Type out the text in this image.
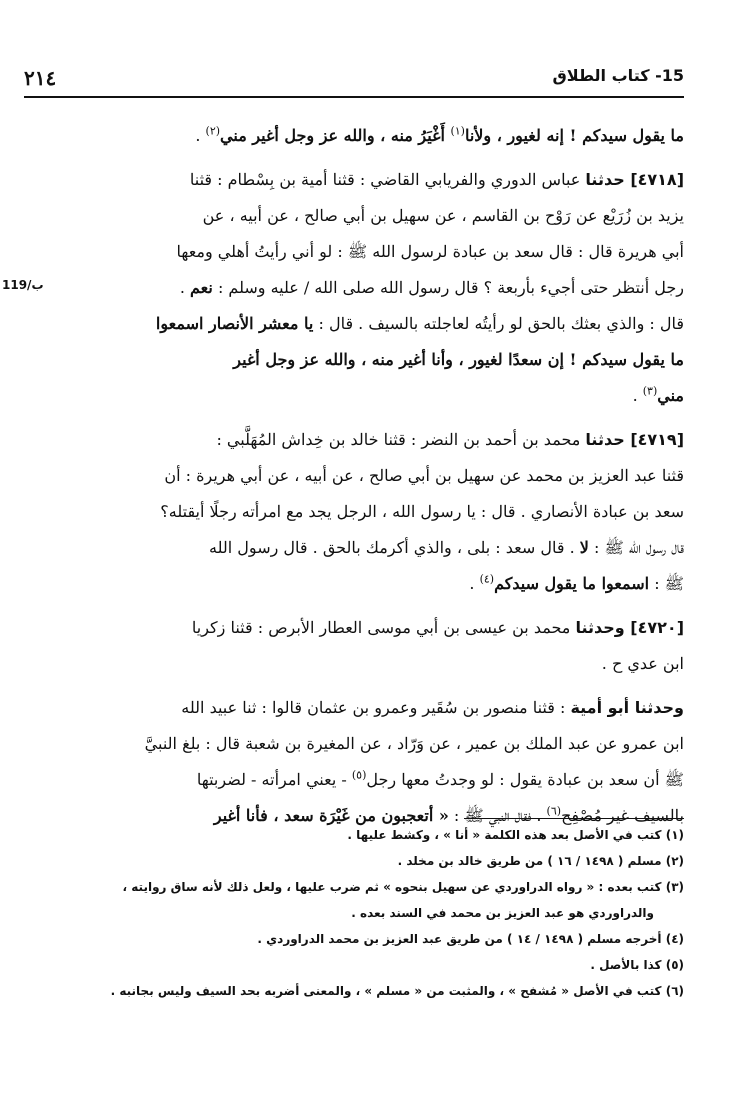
٢١٤	15- كتاب الطلاق
119/ب
ما يقول سيدكم ! إنه لغيور ، ولأنا$^{(١)}$ أَغْيَرُ منه ، والله عز وجل أغير مني$^{(٢)}$ .
[٤٧١٨] حدثنا عباس الدوري والفريابي القاضي : قثنا أمية بن بِسْطام : قثنا
يزيد بن زُرَيْع عن رَوْح بن القاسم ، عن سهيل بن أبي صالح ، عن أبيه ، عن
أبي هريرة قال : قال سعد بن عبادة لرسول الله ﷺ : لو أني رأيتُ أهلي ومعها
رجل أنتظر حتى أجيء بأربعة ؟ قال رسول الله صلى الله / عليه وسلم : نعم .
قال : والذي بعثك بالحق لو رأيتُه لعاجلته بالسيف . قال : يا معشر الأنصار اسمعوا
ما يقول سيدكم ! إن سعدًا لغيور ، وأنا أغير منه ، والله عز وجل أغير
مني$^{(٣)}$ .
[٤٧١٩] حدثنا محمد بن أحمد بن النضر : قثنا خالد بن خِداش المُهَلَّبي :
قثنا عبد العزيز بن محمد عن سهيل بن أبي صالح ، عن أبيه ، عن أبي هريرة : أن
سعد بن عبادة الأنصاري . قال : يا رسول الله ، الرجل يجد مع امرأته رجلًا أيقتله؟
قال رسول الله ﷺ : لا . قال سعد : بلى ، والذي أكرمك بالحق . قال رسول الله
ﷺ : اسمعوا ما يقول سيدكم$^{(٤)}$ .
[٤٧٢٠] وحدثنا محمد بن عيسى بن أبي موسى العطار الأبرص : قثنا زكريا
ابن عدي ح .
وحدثنا أبو أمية : قثنا منصور بن سُقَير وعمرو بن عثمان قالوا : ثنا عبيد الله
ابن عمرو عن عبد الملك بن عمير ، عن وَرّاد ، عن المغيرة بن شعبة قال : بلغ النبيَّ
ﷺ أن سعد بن عبادة يقول : لو وجدتُ معها رجل$^{(٥)}$ - يعني امرأته - لضربتها
بالسيف غير مُصْفِح$^{(٦)}$ . فقال النبي ﷺ : « أتعجبون من غَيْرَة سعد ، فأنا أغير
(١) كتب في الأصل بعد هذه الكلمة « أنا » ، وكشط عليها .
(٢) مسلم ( ١٤٩٨ / ١٦ ) من طريق خالد بن مخلد .
(٣) كتب بعده : « رواه الدراوردي عن سهيل بنحوه » ثم ضرب عليها ، ولعل ذلك لأنه ساق روايته ،
والدراوردي هو عبد العزيز بن محمد في السند بعده .
(٤) أخرجه مسلم ( ١٤٩٨ / ١٤ ) من طريق عبد العزيز بن محمد الدراوردي .
(٥) كذا بالأصل .
(٦) كتب في الأصل « مُشفح » ، والمثبت من « مسلم » ، والمعنى أضربه بحد السيف وليس بجانبه .
